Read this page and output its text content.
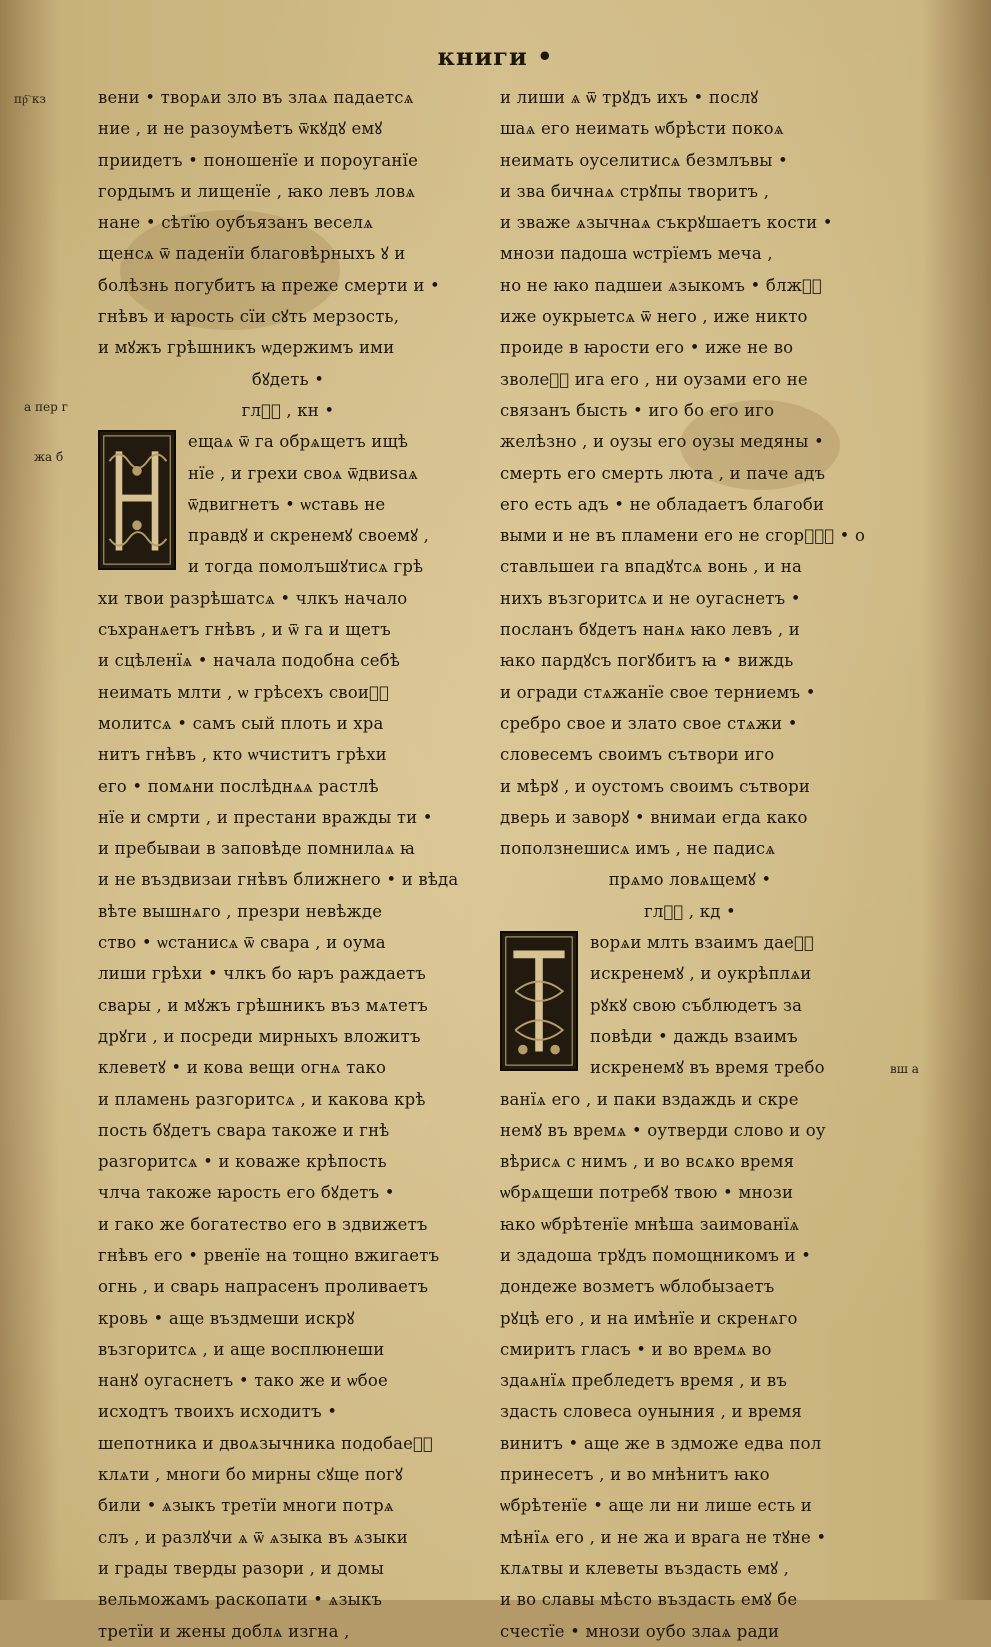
книги •
пр҇ кз
а пер г
жа б
вш а
вени • творѧи зло въ злаѧ падаетсѧ
ние , и не разоумѣетъ ѿкꙋдꙋ емꙋ
приидетъ • поношенїе и пороуганїе
гордымъ и лищенїе , ꙗко левъ ловѧ
нане • сѣтїю оубъязанъ веселѧ
щенсѧ ѿ паденїи благовѣрныхъ ꙋ и
болѣзнь погубитъ ꙗ преже смерти и •
гнѣвъ и ꙗрость сїи сꙋть мерзость,
и мꙋжъ грѣшникъ ѡдержимъ ими
бꙋдеть •
глⷡ҇ , кн •
ещаѧ ѿ га обрѧщетъ ищѣ
нїе , и грехи своѧ ѿдвиѕаѧ
ѿдвигнетъ • ѡставь не
правдꙋ и скренемꙋ своемꙋ ,
и тогда помолъшꙋтисѧ грѣ
хи твои разрѣшатсѧ • члкъ начало
съхранѧетъ гнѣвъ , и ѿ га и щетъ
и сцѣленїѧ • начала подобна себѣ
неимать млти , ѡ грѣсехъ своиⷯ҇
молитсѧ • самъ сый плоть и хра
нитъ гнѣвъ , кто ѡчиститъ грѣхи
его • помѧни послѣднѧѧ растлѣ
нїе и смрти , и престани вражды ти •
и пребываи в заповѣде помнилаѧ ꙗ
и не въздвизаи гнѣвъ ближнего • и вѣда
вѣте вышнѧго , презри невѣжде
ство • ѡстанисѧ ѿ свара , и оума
лиши грѣхи • члкъ бо ꙗръ раждаетъ
свары , и мꙋжъ грѣшникъ въз мѧтетъ
дрꙋги , и посреди мирныхъ вложитъ
клеветꙋ • и кова вещи огнѧ тако
и пламень разгоритсѧ , и какова крѣ
пость бꙋдетъ свара такоже и гнѣ
разгоритсѧ • и коваже крѣпость
члча такоже ꙗрость его бꙋдетъ •
и гако же богатество его в здвижетъ
гнѣвъ его • рвенїе на тощно вжигаетъ
огнь , и сварь напрасенъ проливаетъ
кровь • аще въздмеши искрꙋ
възгоритсѧ , и аще восплюнеши
нанꙋ оугаснетъ • тако же и ѡбое
исходтъ твоихъ исходитъ •
шепотника и двоѧзычника подобаеⷮ҇
клѧти , многи бо мирны сꙋще погꙋ
били • ѧзыкъ третїи многи потрѧ
слъ , и разлꙋчи ѧ ѿ ѧзыка въ ѧзыки
и грады тверды разори , и домы
вельможамъ раскопати • ѧзыкъ
третїи и жены доблѧ изгна ,
и лиши ѧ ѿ трꙋдъ ихъ • послꙋ
шаѧ его неимать ѡбрѣсти покоѧ
неимать оуселитисѧ безмлъвы •
и зва бичнаѧ стрꙋпы творитъ ,
и зваже ѧзычнаѧ съкрꙋшаетъ кости •
мнози падоша ѡстрїемъ меча ,
но не ꙗко падшеи ѧзыкомъ • блжⷽ҇
иже оукрыетсѧ ѿ него , иже никто
проиде в ꙗрости его • иже не во
зволеⷦ҇ ига его , ни оузами его не
связанъ бысть • иго бо его иго
желѣзно , и оузы его оузы медяны •
смерть его смерть люта , и паче адъ
его есть адъ • не обладаетъ благоби
выми и не въ пламени его не сгорѧⷮ҇ • о
ставльшеи га впадꙋтсѧ вонь , и на
нихъ възгоритсѧ и не оугаснетъ •
посланъ бꙋдетъ нанѧ ꙗко левъ , и
ꙗко пардꙋсъ погꙋбитъ ꙗ • виждь
и огради стѧжанїе свое терниемъ •
сребро свое и злато свое стѧжи •
словесемъ своимъ сътвори иго
и мѣрꙋ , и оустомъ своимъ сътвори
дверь и заворꙋ • внимаи егда како
поползнешисѧ имъ , не падисѧ
прѧмо ловѧщемꙋ •
глⷡ҇ , кд •
ворѧи млть взаимъ даеⷮ҇
искренемꙋ , и оукрѣплѧи
рꙋкꙋ свою съблюдетъ за
повѣди • даждь взаимъ
искренемꙋ въ время требо
ванїѧ его , и паки вздаждь и скре
немꙋ въ времѧ • оутверди слово и оу
вѣрисѧ с нимъ , и во всѧко время
ѡбрѧщеши потребꙋ твою • мнози
ꙗко ѡбрѣтенїе мнѣша заимованїѧ
и здадоша трꙋдъ помощникомъ и •
дондеже возметъ ѡблобызаетъ
рꙋцѣ его , и на имѣнїе и скренѧго
смиритъ гласъ • и во времѧ во
здаѧнїѧ пребледетъ время , и въ
здасть словеса оуныния , и время
винитъ • аще же в здможе едва пол
принесетъ , и во мнѣнитъ ꙗко
ѡбрѣтенїе • аще ли ни лише есть и
мѣнїѧ его , и не жа и врага не тꙋне •
клѧтвы и клеветы въздасть емꙋ ,
и во славы мѣсто въздасть емꙋ бе
счестїе • мнози оубо злаѧ ради
